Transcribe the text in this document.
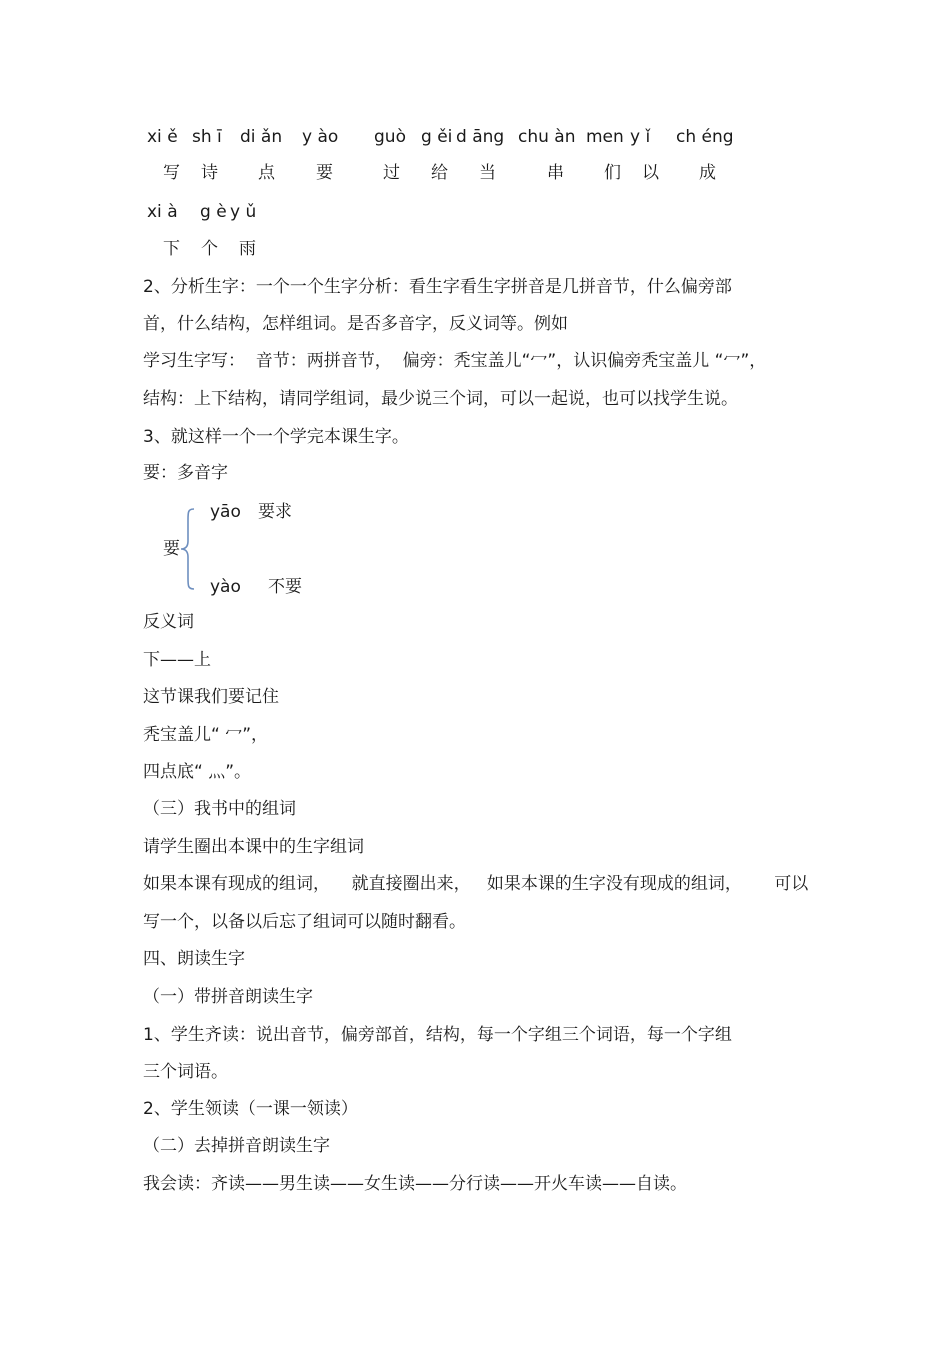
xi ě sh ī di ǎn y ào guò g ěi d āng chu àn men y ǐ ch éng
写 诗 点 要	过 给 当	串 们 以 成
xi à g è y ǔ
下 个 雨
2、分析生字：一个一个生字分析：看生字看生字拼音是几拼音节，什么偏旁部
首，什么结构，怎样组词。是否多音字，反义词等。例如
学习生字写：  音节：两拼音节，  偏旁：秃宝盖儿“冖”，认识偏旁秃宝盖儿 “冖”，
结构：上下结构，请同学组词，最少说三个词，可以一起说，也可以找学生说。
3、就这样一个一个学完本课生字。
要：多音字
要
yāo 要求
yào 不要
反义词
下——上
这节课我们要记住
秃宝盖儿“ 冖”，
四点底“ 灬”。
（三）我书中的组词
请学生圈出本课中的生字组词
如果本课有现成的组词，    就直接圈出来，   如果本课的生字没有现成的组词，      可以
写一个，以备以后忘了组词可以随时翻看。
四、朗读生字
（一）带拼音朗读生字
1、学生齐读：说出音节，偏旁部首，结构，每一个字组三个词语，每一个字组
三个词语。
2、学生领读（一课一领读）
（二）去掉拼音朗读生字
我会读：齐读——男生读——女生读——分行读——开火车读——自读。
